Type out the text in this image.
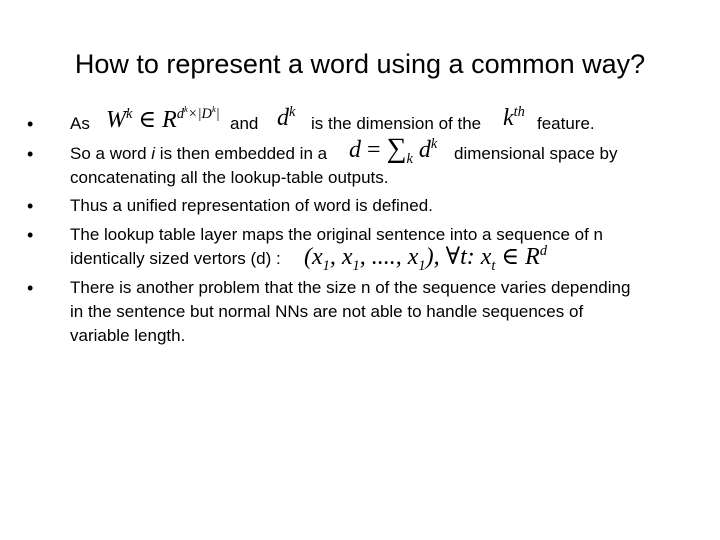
How to represent a word using a common way?
• As $W^k$ ∈ $R^{d^k\times|D^k|}$
and $d^k$
is the dimension of the $k^{th}$
feature.
• So a word i is then embedded in a $d = \sum_k$ $d^k$ dimensional space by
concatenating all the lookup-table outputs.
• Thus a unified representation of word is defined.
• The lookup table layer maps the original sentence into a sequence of n
identically sized vertors (d) : ($x_1$, $x_1$, ...., $x_1$), ∀t: $x_t$ ∈ $R^d$
• There is another problem that the size n of the sequence varies depending
in the sentence but normal NNs are not able to handle sequences of
variable length.
